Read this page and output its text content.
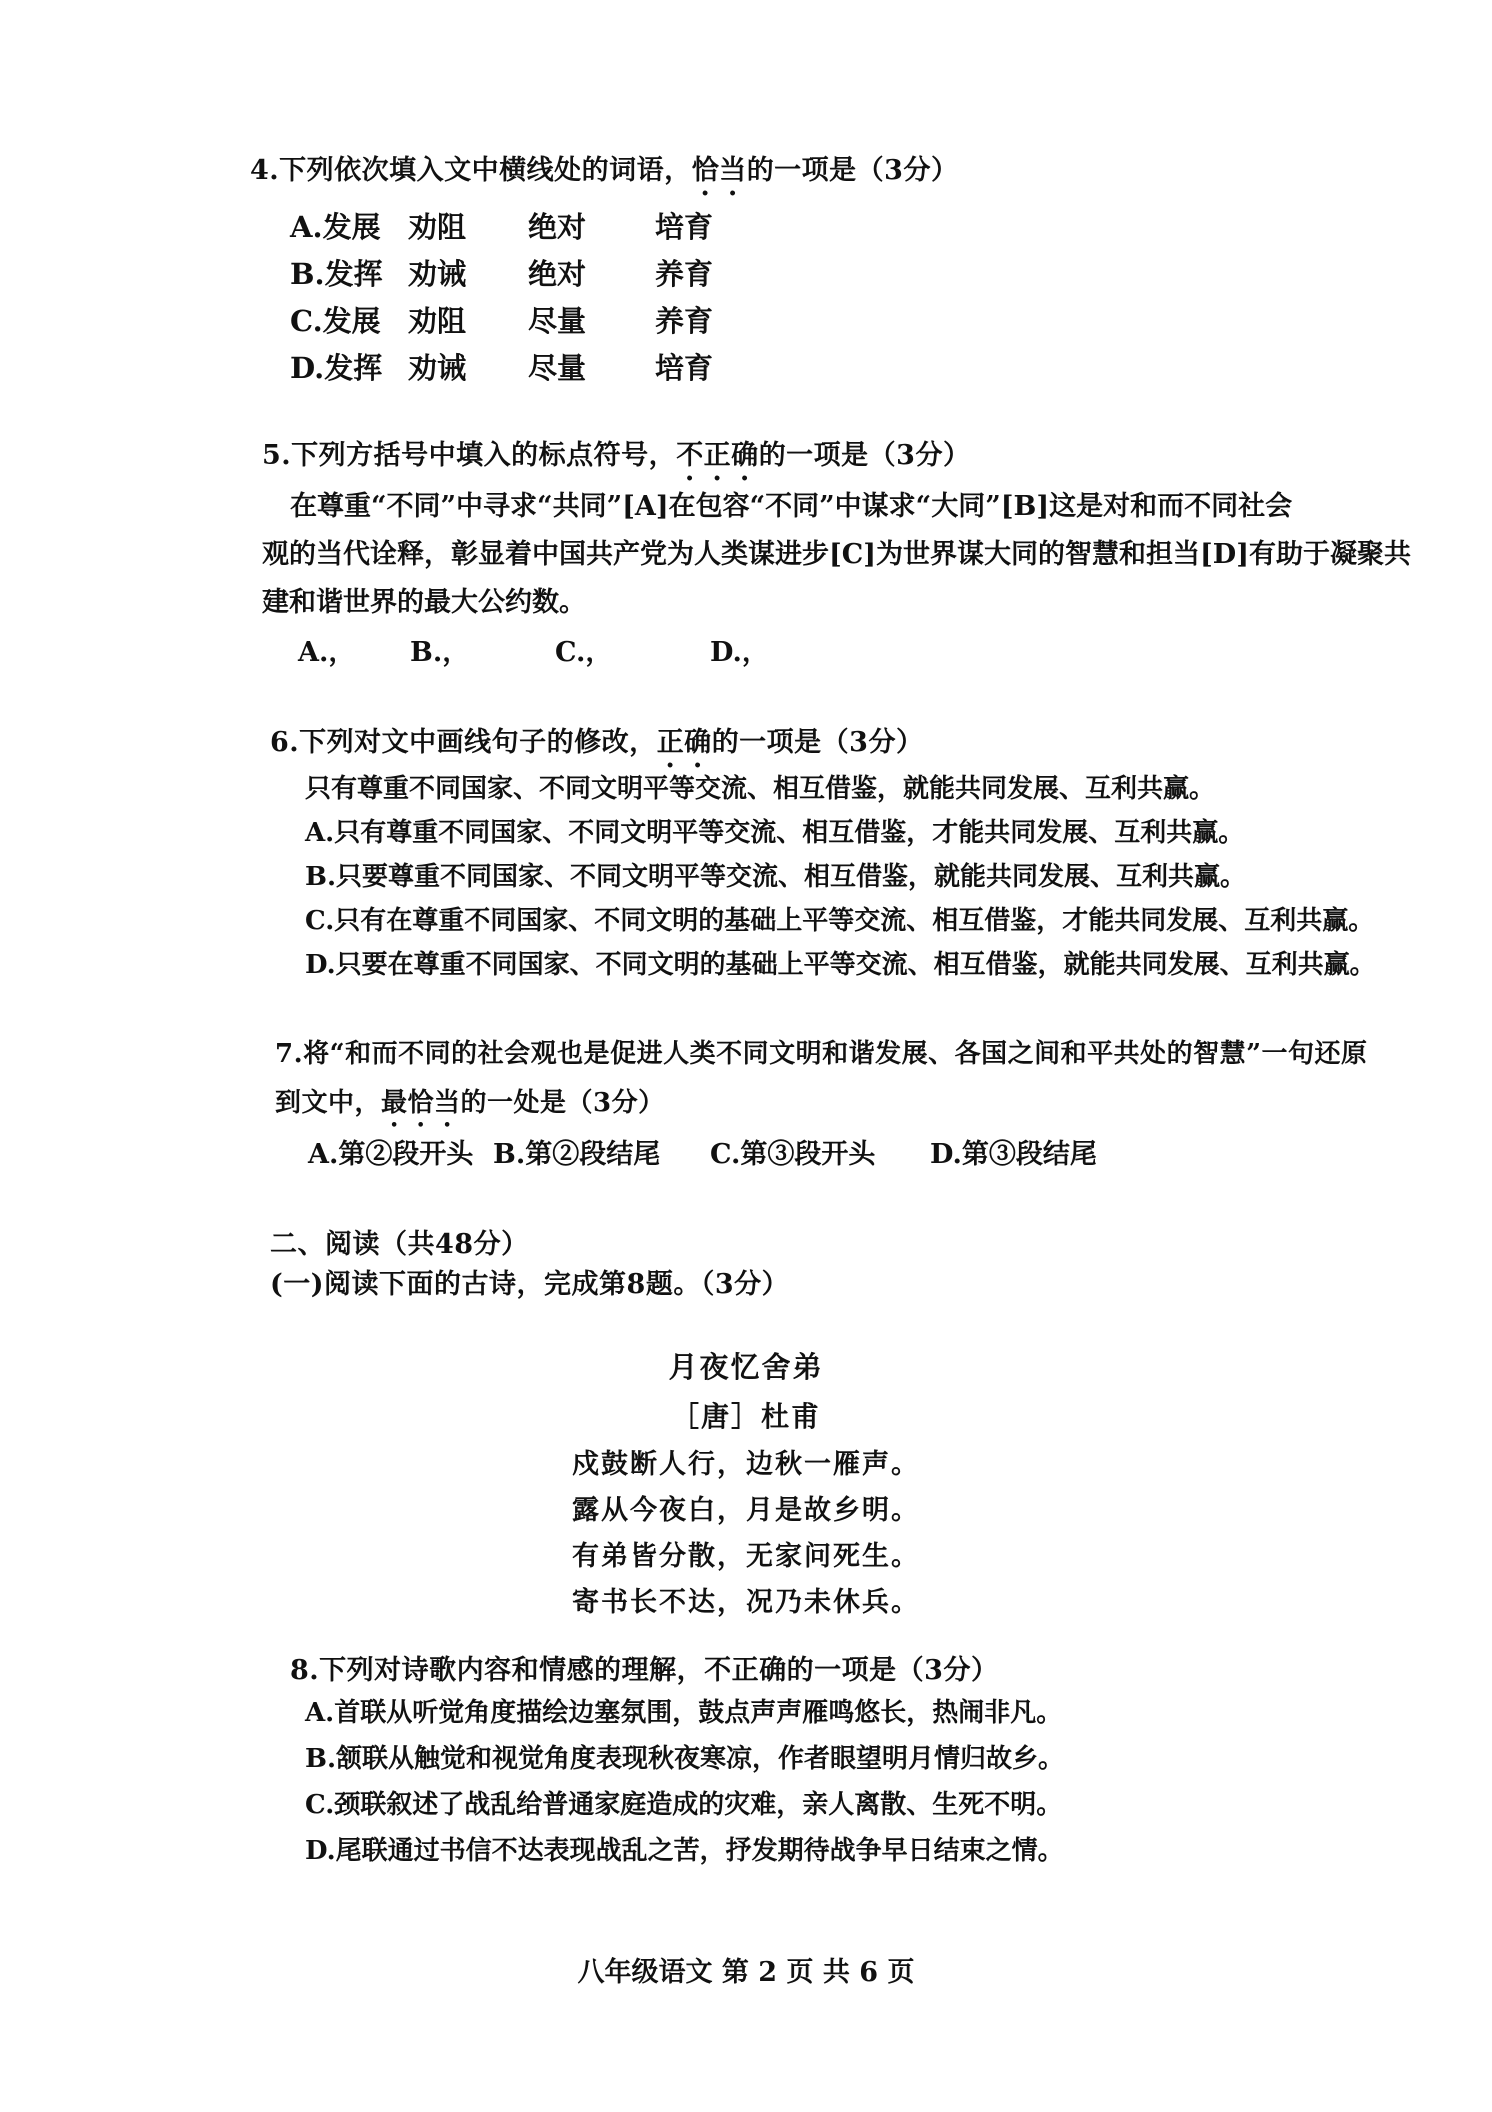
4.下列依次填入文中横线处的词语，恰当的一项是（3分）
A.发展 劝阻 绝对 培育
B.发挥 劝诫 绝对 养育
C.发展 劝阻 尽量 养育
D.发挥 劝诫 尽量 培育
5.下列方括号中填入的标点符号，不正确的一项是（3分）
在尊重“不同”中寻求“共同”[A]在包容“不同”中谋求“大同”[B]这是对和而不同社会
观的当代诠释，彰显着中国共产党为人类谋进步[C]为世界谋大同的智慧和担当[D]有助于凝聚共
建和谐世界的最大公约数。
A.， B.，	C.，	D.，
6.下列对文中画线句子的修改，正确的一项是（3分）
只有尊重不同国家、不同文明平等交流、相互借鉴，就能共同发展、互利共赢。
A.只有尊重不同国家、不同文明平等交流、相互借鉴，才能共同发展、互利共赢。
B.只要尊重不同国家、不同文明平等交流、相互借鉴，就能共同发展、互利共赢。
C.只有在尊重不同国家、不同文明的基础上平等交流、相互借鉴，才能共同发展、互利共赢。
D.只要在尊重不同国家、不同文明的基础上平等交流、相互借鉴，就能共同发展、互利共赢。
7.将“和而不同的社会观也是促进人类不同文明和谐发展、各国之间和平共处的智慧”一句还原
到文中，最恰当的一处是（3分）
A.第②段开头 B.第②段结尾 C.第③段开头 D.第③段结尾
二、阅读（共48分）
(一)阅读下面的古诗，完成第8题。（3分）
月夜忆舍弟
［唐］杜甫
戍鼓断人行，边秋一雁声。
露从今夜白，月是故乡明。
有弟皆分散，无家问死生。
寄书长不达，况乃未休兵。
8.下列对诗歌内容和情感的理解，不正确的一项是（3分）
A.首联从听觉角度描绘边塞氛围，鼓点声声雁鸣悠长，热闹非凡。
B.颔联从触觉和视觉角度表现秋夜寒凉，作者眼望明月情归故乡。
C.颈联叙述了战乱给普通家庭造成的灾难，亲人离散、生死不明。
D.尾联通过书信不达表现战乱之苦，抒发期待战争早日结束之情。
八年级语文 第 2 页 共 6 页
